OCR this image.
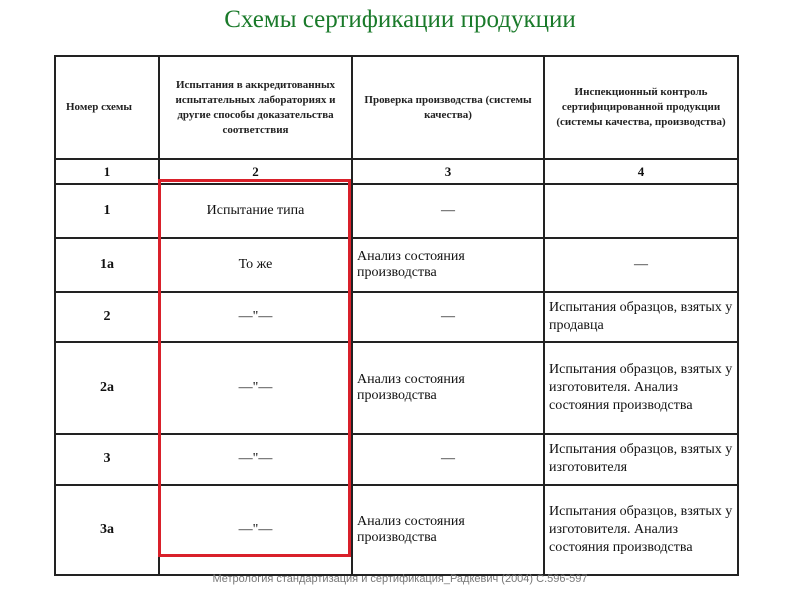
Схемы сертификации продукции
Номер схемы	Испытания в аккредитованных испытательных лабораториях и другие способы доказательства соответствия	Проверка производства (системы качества)	Инспекционный контроль сертифицированной продукции (системы качества, производства)
1	2	3	4
1	Испытание типа	—	
1а	То же	Анализ состояния производства	—
2	—"—	—	Испытания образцов, взятых у продавца
2а	—"—	Анализ состояния производства	Испытания образцов, взятых у изготовителя. Анализ состояния производства
3	—"—	—	Испытания образцов, взятых у изготовителя
3а	—"—	Анализ состояния производства	Испытания образцов, взятых у изготовителя. Анализ состояния производства
Метрология стандартизация и сертификация_Радкевич (2004) С.596-597
